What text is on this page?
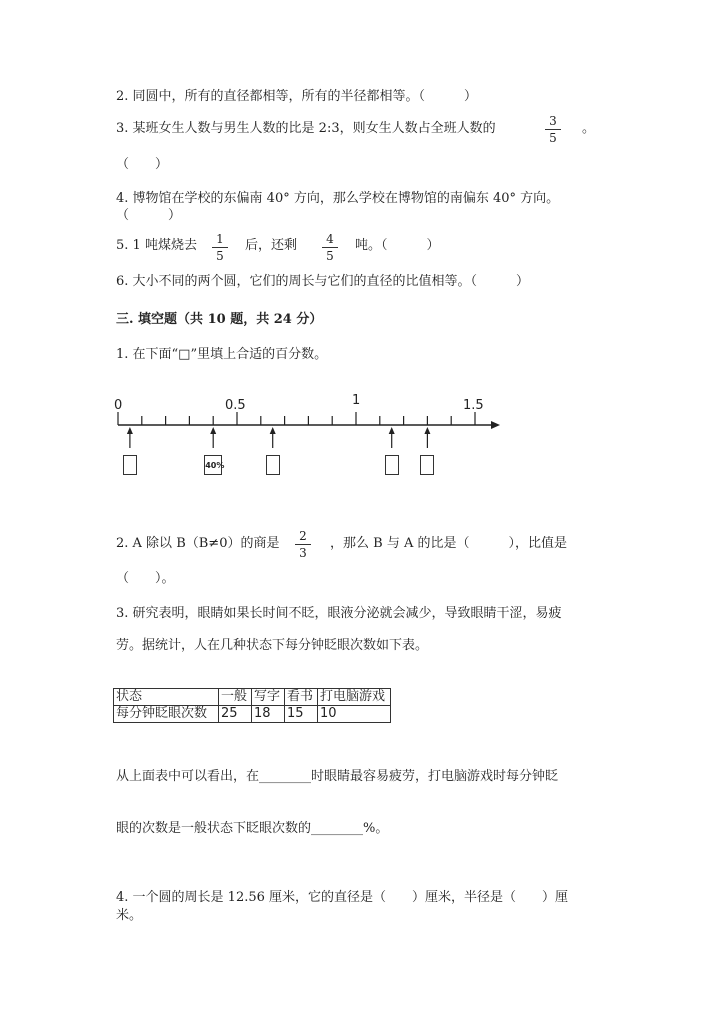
2. 同圆中，所有的直径都相等，所有的半径都相等。（　　　）
3. 某班女生人数与男生人数的比是 2:3，则女生人数占全班人数的	3
5
。
（　　）
4. 博物馆在学校的东偏南 40° 方向，那么学校在博物馆的南偏东 40° 方向。
（　　　）
5. 1 吨煤烧去	1
5
后，还剩	4
5
吨。（　　　）
6. 大小不同的两个圆，它们的周长与它们的直径的比值相等。（　　　）
三. 填空题（共 10 题，共 24 分）
1. 在下面“□”里填上合适的百分数。
0	0.5	1	1.5
40%
2. A 除以 B（B≠0）的商是	2
3
，那么 B 与 A 的比是（　　　），比值是
（　　）。
3. 研究表明，眼睛如果长时间不眨，眼液分泌就会减少，导致眼睛干涩，易疲
劳。据统计，人在几种状态下每分钟眨眼次数如下表。
状态	一般	写字	看书	打电脑游戏
每分钟眨眼次数	25	18	15	10
从上面表中可以看出，在________时眼睛最容易疲劳，打电脑游戏时每分钟眨
眼的次数是一般状态下眨眼次数的________%。
4. 一个圆的周长是 12.56 厘米，它的直径是（　　）厘米，半径是（　　）厘
米。
